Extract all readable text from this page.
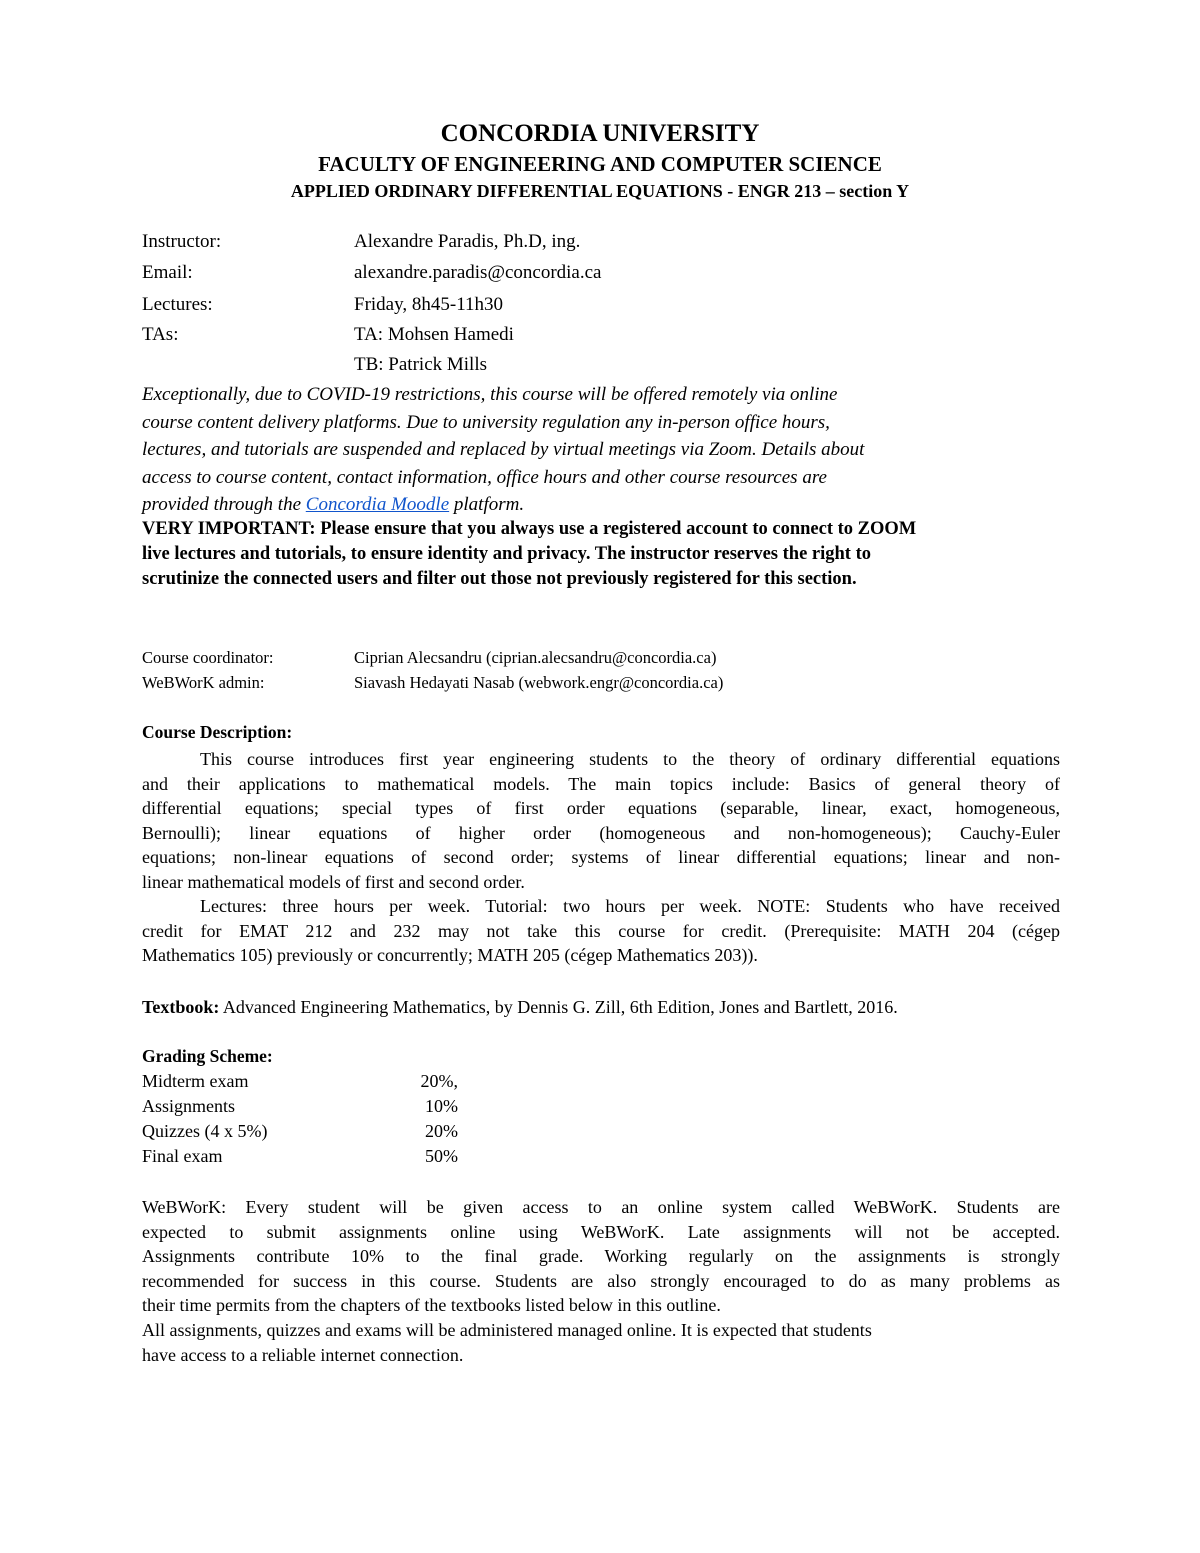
CONCORDIA UNIVERSITY
FACULTY OF ENGINEERING AND COMPUTER SCIENCE
APPLIED ORDINARY DIFFERENTIAL EQUATIONS - ENGR 213 – section Y
Instructor:	Alexandre Paradis, Ph.D, ing.
Email:	alexandre.paradis@concordia.ca
Lectures:	Friday, 8h45-11h30
TAs:	TA: Mohsen Hamedi
TB: Patrick Mills
Exceptionally, due to COVID-19 restrictions, this course will be offered remotely via online
course content delivery platforms. Due to university regulation any in-person office hours,
lectures, and tutorials are suspended and replaced by virtual meetings via Zoom. Details about
access to course content, contact information, office hours and other course resources are
provided through the Concordia Moodle platform.
VERY IMPORTANT: Please ensure that you always use a registered account to connect to ZOOM
live lectures and tutorials, to ensure identity and privacy. The instructor reserves the right to
scrutinize the connected users and filter out those not previously registered for this section.
Course coordinator:	Ciprian Alecsandru (ciprian.alecsandru@concordia.ca)
WeBWorK admin:	Siavash Hedayati Nasab (webwork.engr@concordia.ca)
Course Description:
This course introduces first year engineering students to the theory of ordinary differential equations
and their applications to mathematical models. The main topics include: Basics of general theory of
differential equations; special types of first order equations (separable, linear, exact, homogeneous,
Bernoulli); linear equations of higher order (homogeneous and non-homogeneous); Cauchy-Euler
equations; non-linear equations of second order; systems of linear differential equations; linear and non-
linear mathematical models of first and second order.
Lectures: three hours per week. Tutorial: two hours per week. NOTE: Students who have received
credit for EMAT 212 and 232 may not take this course for credit. (Prerequisite: MATH 204 (cégep
Mathematics 105) previously or concurrently; MATH 205 (cégep Mathematics 203)).
Textbook: Advanced Engineering Mathematics, by Dennis G. Zill, 6th Edition, Jones and Bartlett, 2016.
Grading Scheme:
Midterm exam	20%,
Assignments	10%
Quizzes (4 x 5%)	20%
Final exam	50%
WeBWorK: Every student will be given access to an online system called WeBWorK. Students are
expected to submit assignments online using WeBWorK. Late assignments will not be accepted.
Assignments contribute 10% to the final grade. Working regularly on the assignments is strongly
recommended for success in this course. Students are also strongly encouraged to do as many problems as
their time permits from the chapters of the textbooks listed below in this outline.
All assignments, quizzes and exams will be administered managed online. It is expected that students
have access to a reliable internet connection.
